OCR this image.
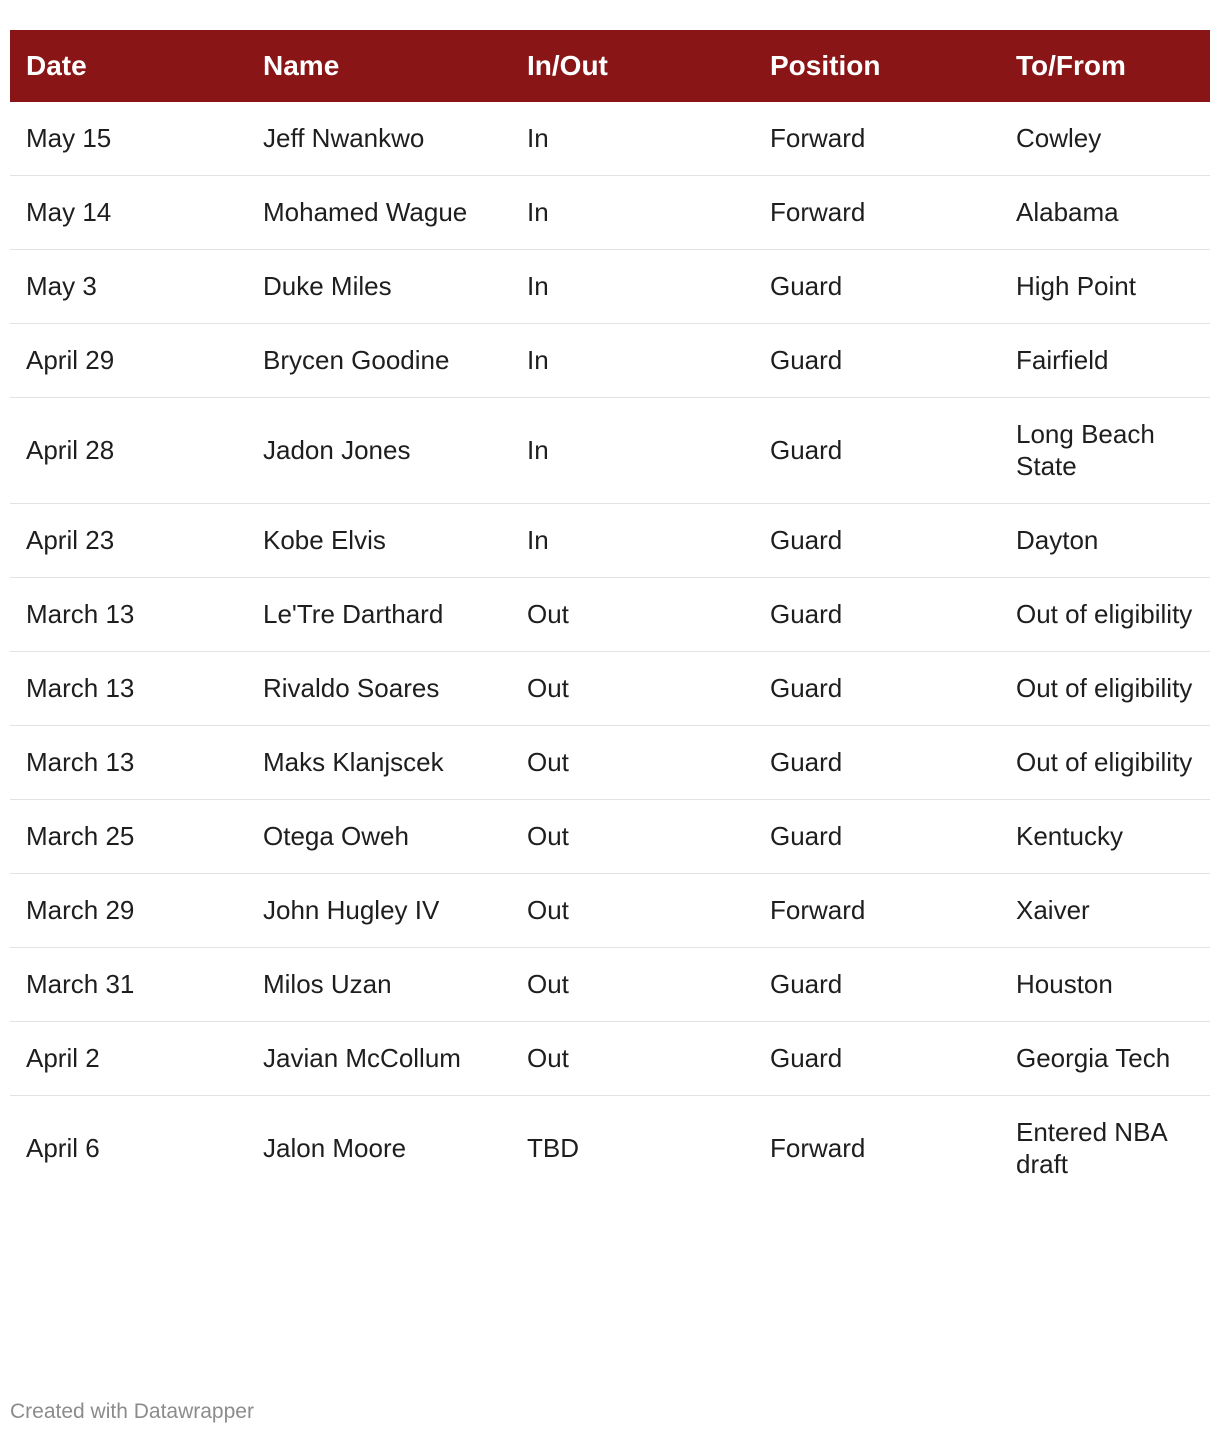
Date	Name	In/Out	Position	To/From
May 15	Jeff Nwankwo	In	Forward	Cowley
May 14	Mohamed Wague	In	Forward	Alabama
May 3	Duke Miles	In	Guard	High Point
April 29	Brycen Goodine	In	Guard	Fairfield
April 28	Jadon Jones	In	Guard	Long Beach State
April 23	Kobe Elvis	In	Guard	Dayton
March 13	Le'Tre Darthard	Out	Guard	Out of eligibility
March 13	Rivaldo Soares	Out	Guard	Out of eligibility
March 13	Maks Klanjscek	Out	Guard	Out of eligibility
March 25	Otega Oweh	Out	Guard	Kentucky
March 29	John Hugley IV	Out	Forward	Xaiver
March 31	Milos Uzan	Out	Guard	Houston
April 2	Javian McCollum	Out	Guard	Georgia Tech
April 6	Jalon Moore	TBD	Forward	Entered NBA draft
Created with Datawrapper
